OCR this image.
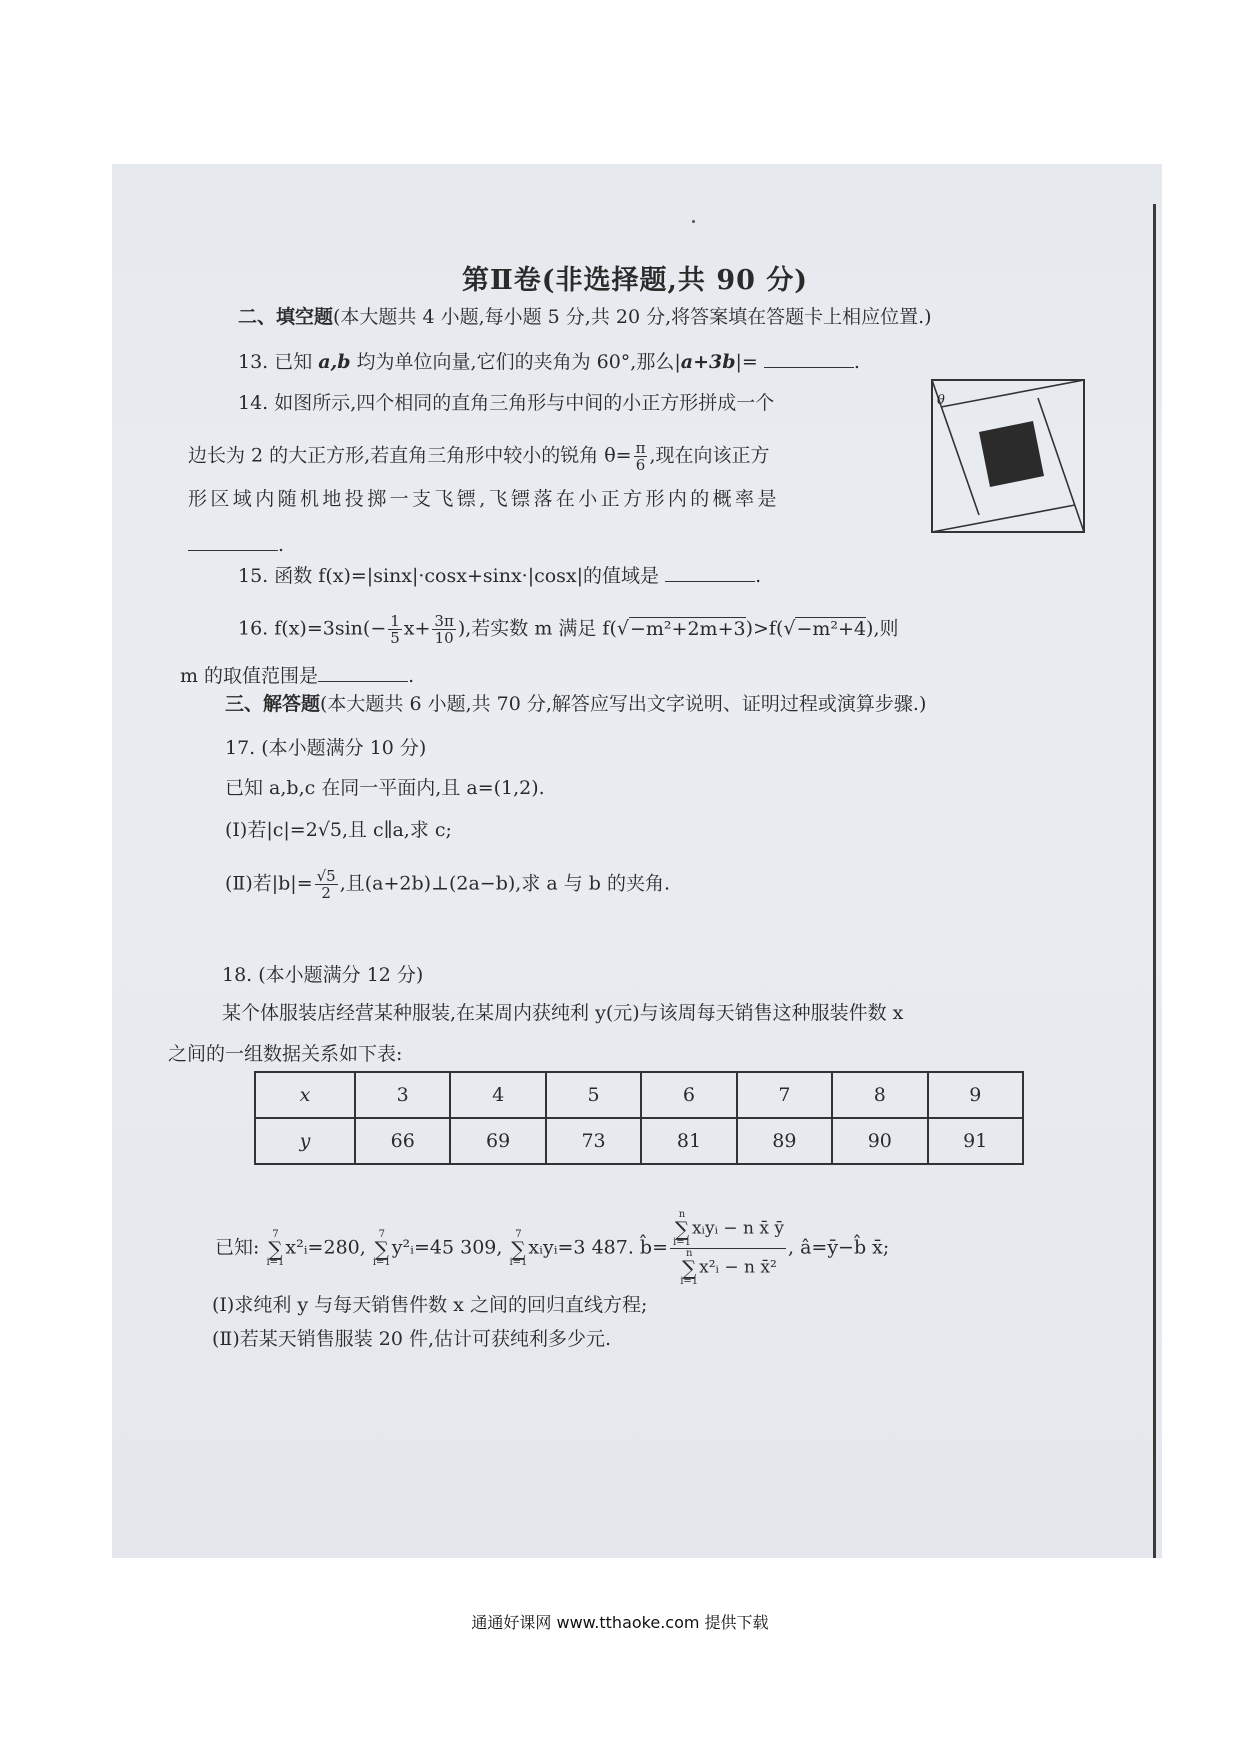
第Ⅱ卷(非选择题,共 90 分)
二、填空题(本大题共 4 小题,每小题 5 分,共 20 分,将答案填在答题卡上相应位置.)
13. 已知 a,b 均为单位向量,它们的夹角为 60°,那么|a+3b|=	.
14. 如图所示,四个相同的直角三角形与中间的小正方形拼成一个
边长为 2 的大正方形,若直角三角形中较小的锐角 $\theta= \frac{\pi}{6}$ ,现在向该正方
形区域内随机地投掷一支飞镖,飞镖落在小正方形内的概率是
.
θ
15. 函数 f(x)=|sinx|·cosx+sinx·|cosx|的值域是	.
16. $f(x)=3\sin(- \frac{1}{5} x+ \frac{3\pi}{10}$ ),若实数 m 满足 f(√−m²+2m+3)>f(√−m²+4),则
m 的取值范围是	.
三、解答题(本大题共 6 小题,共 70 分,解答应写出文字说明、证明过程或演算步骤.)
17. (本小题满分 10 分)
已知 a,b,c 在同一平面内,且 a=(1,2).
(Ⅰ)若|c|=2√5,且 c∥a,求 c;
(Ⅱ)若$|b|= \frac{√5}{2}$ ,且(a+2b)⊥(2a−b),求 a 与 b 的夹角.
18. (本小题满分 12 分)
某个体服装店经营某种服装,在某周内获纯利 y(元)与该周每天销售这种服装件数 x
之间的一组数据关系如下表:
x	3	4	5	6	7	8	9
y	66	69	73	81	89	90	91
已知:
7
∑
i=1
x²ᵢ=280,
7
∑
i=1
y²ᵢ=45 309,
7
∑
i=1
xᵢyᵢ=3 487. b̂= n
∑
i=1
xᵢyᵢ − n x̄ ȳ
n
∑
i=1
x²ᵢ − n x̄² , â=ȳ−b̂ x̄;
(Ⅰ)求纯利 y 与每天销售件数 x 之间的回归直线方程;
(Ⅱ)若某天销售服装 20 件,估计可获纯利多少元.
通通好课网 www.tthaoke.com 提供下载
